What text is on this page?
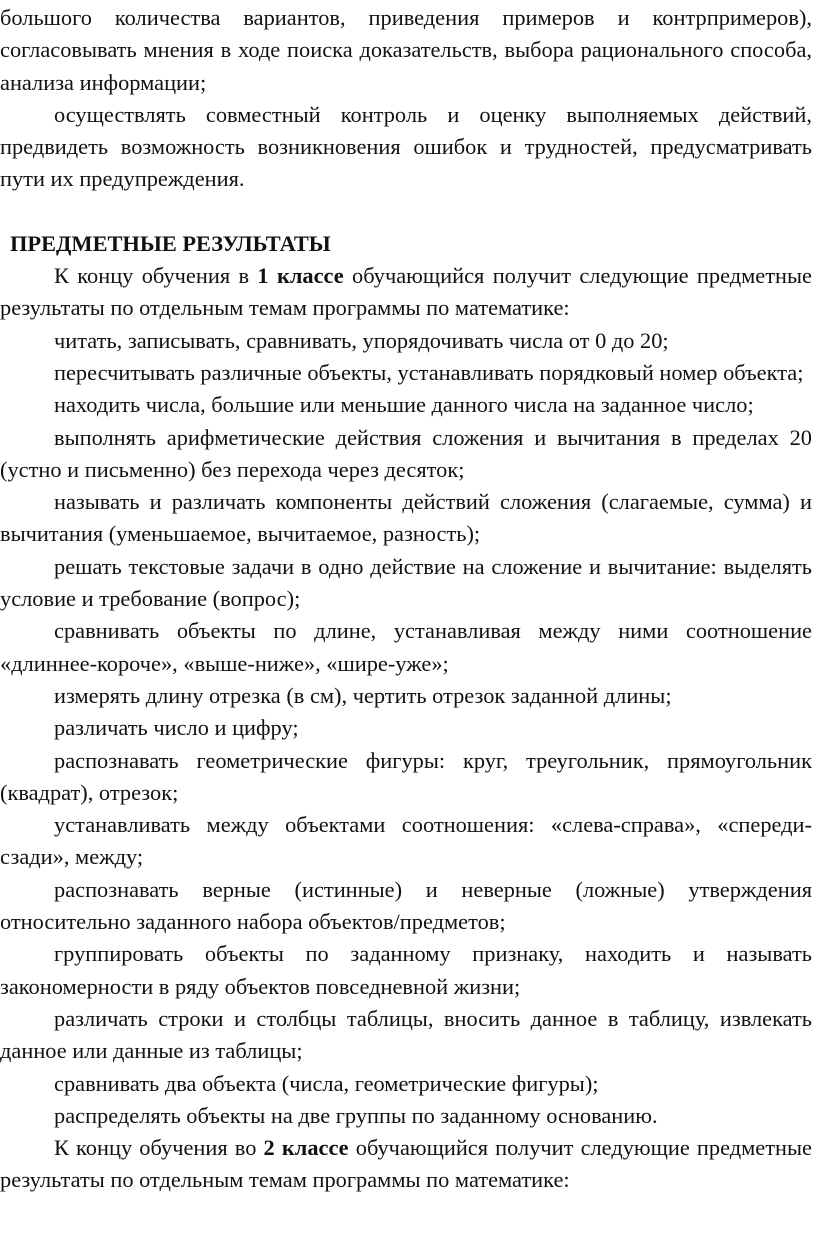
большого количества вариантов, приведения примеров и контрпримеров), согласовывать мнения в ходе поиска доказательств, выбора рационального способа, анализа информации;

осуществлять совместный контроль и оценку выполняемых действий, предвидеть возможность возникновения ошибок и трудностей, предусматривать пути их предупреждения.

ПРЕДМЕТНЫЕ РЕЗУЛЬТАТЫ

К концу обучения в 1 классе обучающийся получит следующие предметные результаты по отдельным темам программы по математике:

читать, записывать, сравнивать, упорядочивать числа от 0 до 20;

пересчитывать различные объекты, устанавливать порядковый номер объекта;

находить числа, большие или меньшие данного числа на заданное число;

выполнять арифметические действия сложения и вычитания в пределах 20 (устно и письменно) без перехода через десяток;

называть и различать компоненты действий сложения (слагаемые, сумма) и вычитания (уменьшаемое, вычитаемое, разность);

решать текстовые задачи в одно действие на сложение и вычитание: выделять условие и требование (вопрос);

сравнивать объекты по длине, устанавливая между ними соотношение «длиннее-короче», «выше-ниже», «шире-уже»;

измерять длину отрезка (в см), чертить отрезок заданной длины;

различать число и цифру;

распознавать геометрические фигуры: круг, треугольник, прямоугольник (квадрат), отрезок;

устанавливать между объектами соотношения: «слева-справа», «спереди-сзади», между;

распознавать верные (истинные) и неверные (ложные) утверждения относительно заданного набора объектов/предметов;

группировать объекты по заданному признаку, находить и называть закономерности в ряду объектов повседневной жизни;

различать строки и столбцы таблицы, вносить данное в таблицу, извлекать данное или данные из таблицы;

сравнивать два объекта (числа, геометрические фигуры);

распределять объекты на две группы по заданному основанию.

К концу обучения во 2 классе обучающийся получит следующие предметные результаты по отдельным темам программы по математике:
